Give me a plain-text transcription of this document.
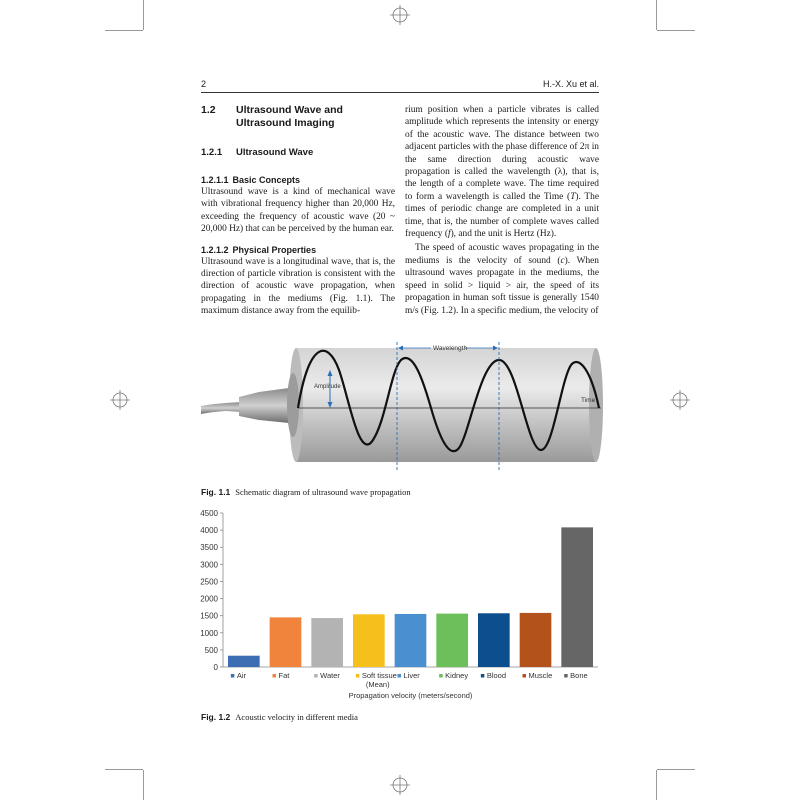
2	H.-X. Xu et al.
1.2	Ultrasound Wave and Ultrasound Imaging
1.2.1	Ultrasound Wave
1.2.1.1 Basic Concepts

Ultrasound wave is a kind of mechanical wave with vibrational frequency higher than 20,000 Hz, exceeding the frequency of acoustic wave (20 ~ 20,000 Hz) that can be perceived by the human ear.

1.2.1.2 Physical Properties

Ultrasound wave is a longitudinal wave, that is, the direction of particle vibration is consistent with the direction of acoustic wave propagation, when propagating in the mediums (Fig. 1.1). The maximum distance away from the equilib-

rium position when a particle vibrates is called amplitude which represents the intensity or energy of the acoustic wave. The distance between two adjacent particles with the phase difference of 2π in the same direction during acoustic wave propagation is called the wavelength (λ), that is, the length of a complete wave. The time required to form a wavelength is called the Time (T). The times of periodic change are completed in a unit time, that is, the number of complete waves called frequency (f), and the unit is Hertz (Hz).

The speed of acoustic waves propagating in the mediums is the velocity of sound (c). When ultrasound waves propagate in the mediums, the speed in solid > liquid > air, the speed of its propagation in human soft tissue is generally 1540 m/s (Fig. 1.2). In a specific medium, the velocity of

Time
Amplitude
Wavelength
Fig. 1.1 Schematic diagram of ultrasound wave propagation
0
500
1000
1500
2000
2500
3000
3500
4000
4500
Air	Fat	Water	Soft tissue
(Mean)
Liver	Kidney Blood	Muscle Bone
Propagation velocity (meters/second)
Fig. 1.2 Acoustic velocity in different media
